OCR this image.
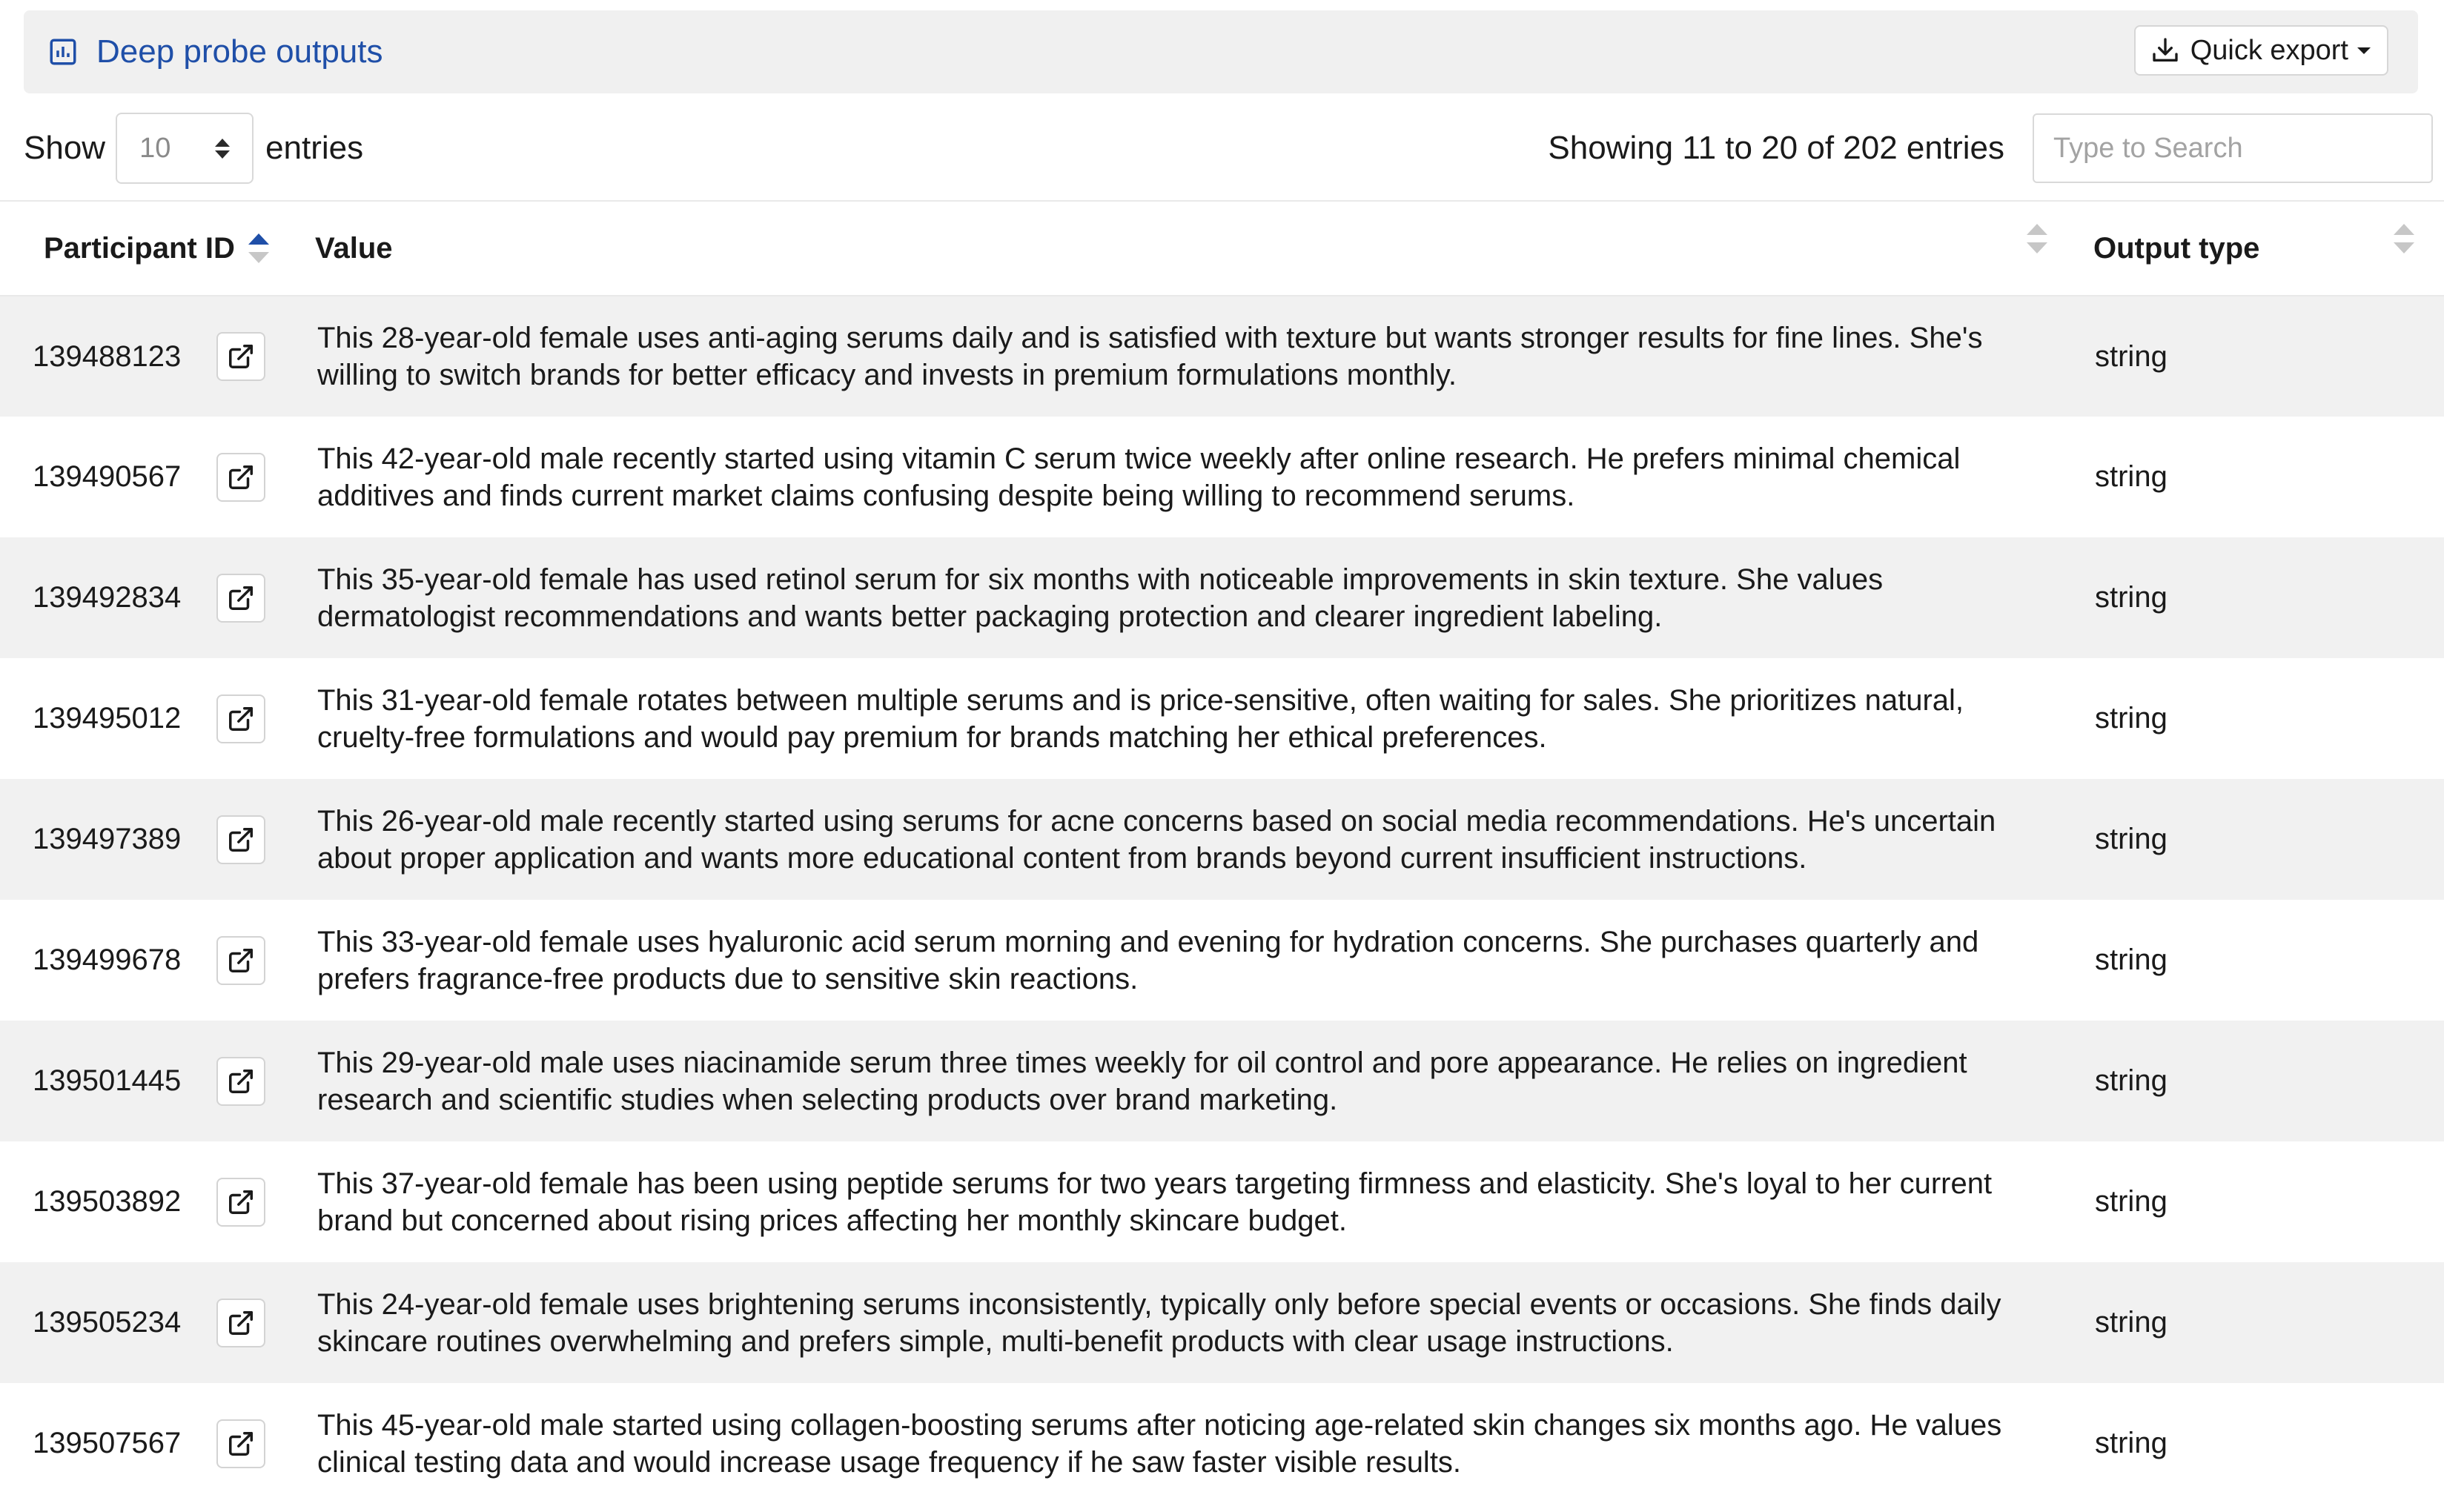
Deep probe outputs	Quick export
Show 10	entries	Showing 11 to 20 of 202 entries
Type to Search
Participant ID	Value	Output type

139488123	This 28-year-old female uses anti-aging serums daily and is satisfied with texture but wants stronger results for fine lines. She's willing to switch brands for better efficacy and invests in premium formulations monthly.	string

139490567	This 42-year-old male recently started using vitamin C serum twice weekly after online research. He prefers minimal chemical additives and finds current market claims confusing despite being willing to recommend serums.	string

139492834	This 35-year-old female has used retinol serum for six months with noticeable improvements in skin texture. She values dermatologist recommendations and wants better packaging protection and clearer ingredient labeling.	string

139495012	This 31-year-old female rotates between multiple serums and is price-sensitive, often waiting for sales. She prioritizes natural, cruelty-free formulations and would pay premium for brands matching her ethical preferences.	string

139497389	This 26-year-old male recently started using serums for acne concerns based on social media recommendations. He's uncertain about proper application and wants more educational content from brands beyond current insufficient instructions.	string

139499678	This 33-year-old female uses hyaluronic acid serum morning and evening for hydration concerns. She purchases quarterly and prefers fragrance-free products due to sensitive skin reactions.	string

139501445	This 29-year-old male uses niacinamide serum three times weekly for oil control and pore appearance. He relies on ingredient research and scientific studies when selecting products over brand marketing.	string

139503892	This 37-year-old female has been using peptide serums for two years targeting firmness and elasticity. She's loyal to her current brand but concerned about rising prices affecting her monthly skincare budget.	string

139505234	This 24-year-old female uses brightening serums inconsistently, typically only before special events or occasions. She finds daily skincare routines overwhelming and prefers simple, multi-benefit products with clear usage instructions.	string

139507567	This 45-year-old male started using collagen-boosting serums after noticing age-related skin changes six months ago. He values clinical testing data and would increase usage frequency if he saw faster visible results.	string
